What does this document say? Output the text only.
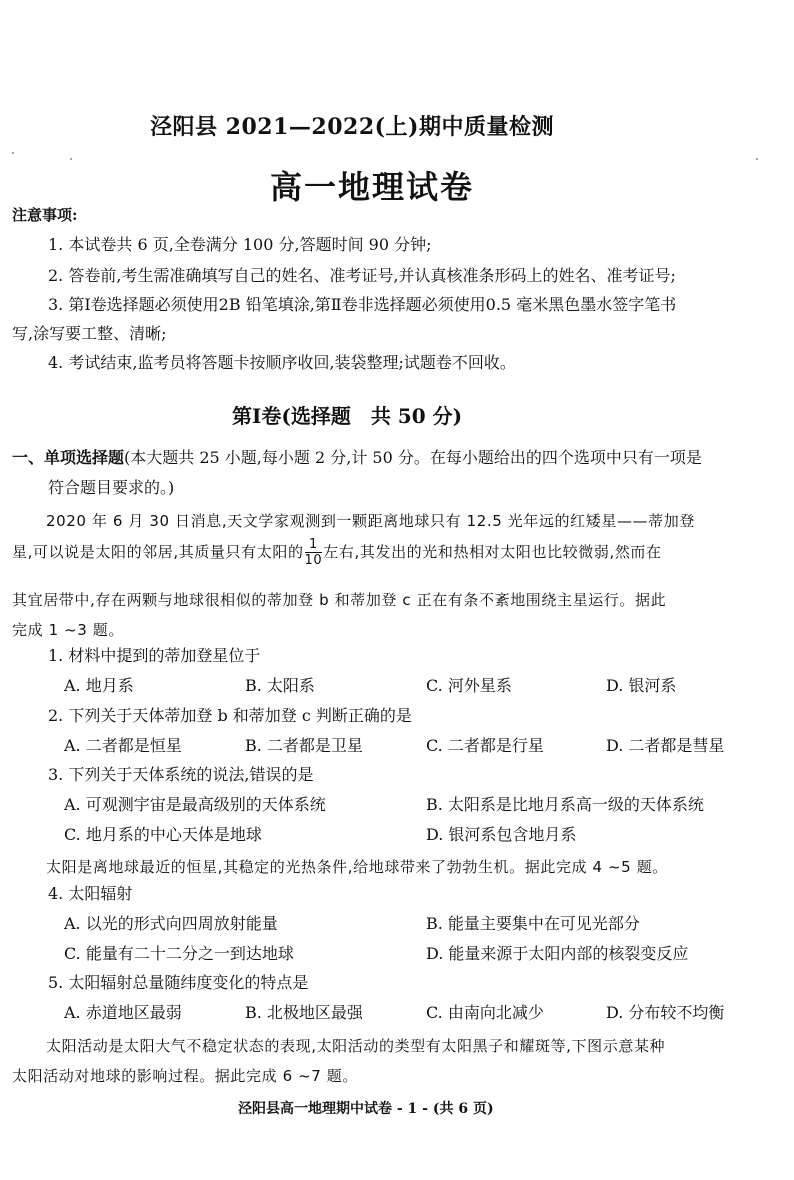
泾阳县 2021—2022(上)期中质量检测
高一地理试卷
注意事项:
1. 本试卷共 6 页,全卷满分 100 分,答题时间 90 分钟;
2. 答卷前,考生需准确填写自己的姓名、准考证号,并认真核准条形码上的姓名、准考证号;
3. 第Ⅰ卷选择题必须使用2B 铅笔填涂,第Ⅱ卷非选择题必须使用0.5 毫米黑色墨水签字笔书
写,涂写要工整、清晰;
4. 考试结束,监考员将答题卡按顺序收回,装袋整理;试题卷不回收。
第Ⅰ卷(选择题　共 50 分)
一、单项选择题(本大题共 25 小题,每小题 2 分,计 50 分。在每小题给出的四个选项中只有一项是
符合题目要求的。)
2020 年 6 月 30 日消息,天文学家观测到一颗距离地球只有 12.5 光年远的红矮星——蒂加登
星,可以说是太阳的邻居,其质量只有太阳的 $\frac{1}{10}$ 左右,其发出的光和热相对太阳也比较微弱,然而在
其宜居带中,存在两颗与地球很相似的蒂加登 b 和蒂加登 c 正在有条不紊地围绕主星运行。据此
完成 1 ~3 题。
1. 材料中提到的蒂加登星位于
A. 地月系	B. 太阳系	C. 河外星系	D. 银河系
2. 下列关于天体蒂加登 b 和蒂加登 c 判断正确的是
A. 二者都是恒星	B. 二者都是卫星	C. 二者都是行星	D. 二者都是彗星
3. 下列关于天体系统的说法,错误的是
A. 可观测宇宙是最高级别的天体系统	B. 太阳系是比地月系高一级的天体系统
C. 地月系的中心天体是地球	D. 银河系包含地月系
太阳是离地球最近的恒星,其稳定的光热条件,给地球带来了勃勃生机。据此完成 4 ~5 题。
4. 太阳辐射
A. 以光的形式向四周放射能量	B. 能量主要集中在可见光部分
C. 能量有二十二分之一到达地球	D. 能量来源于太阳内部的核裂变反应
5. 太阳辐射总量随纬度变化的特点是
A. 赤道地区最弱	B. 北极地区最强	C. 由南向北减少	D. 分布较不均衡
太阳活动是太阳大气不稳定状态的表现,太阳活动的类型有太阳黑子和耀斑等,下图示意某种
太阳活动对地球的影响过程。据此完成 6 ~7 题。
泾阳县高一地理期中试卷 - 1 - (共 6 页)
